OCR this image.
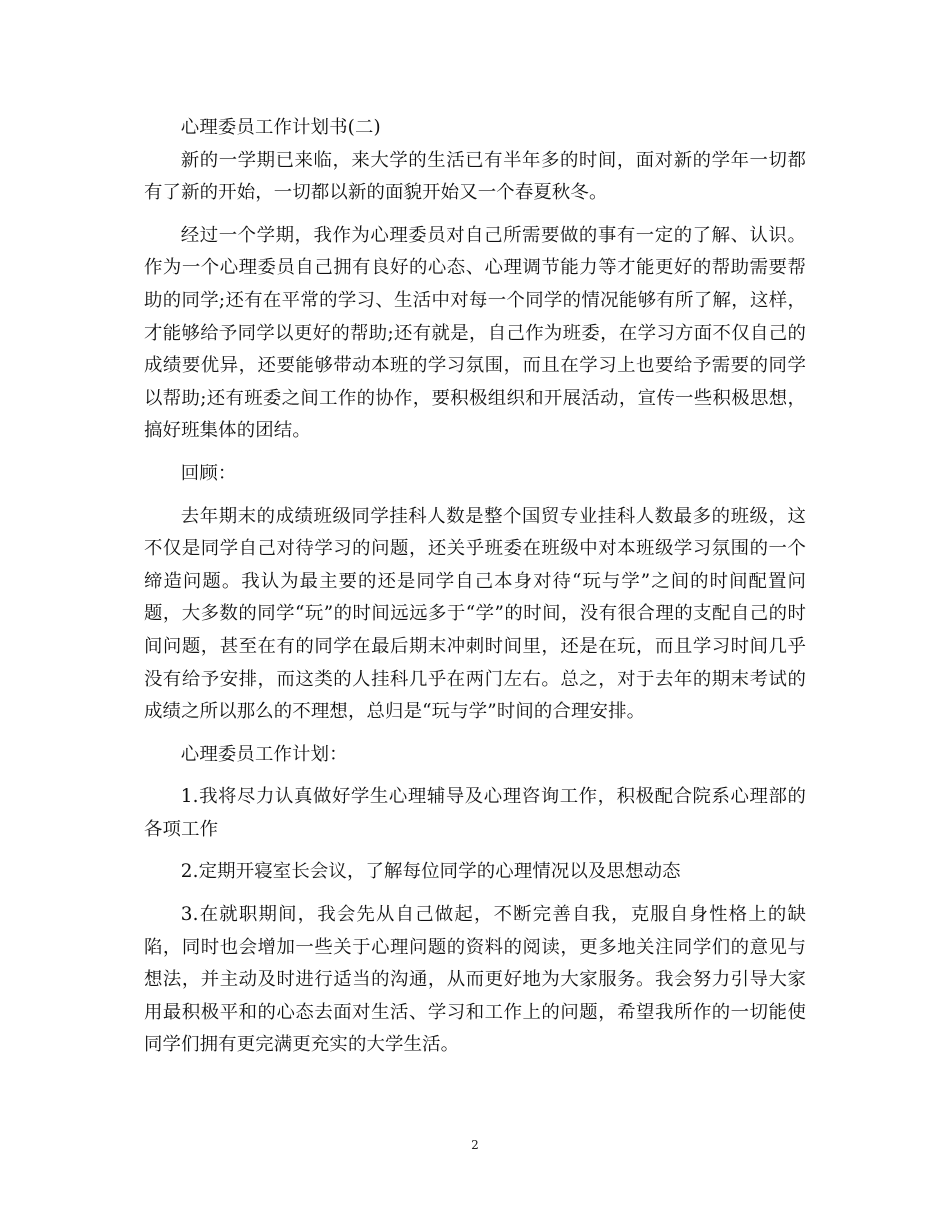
心理委员工作计划书(二)

新的一学期已来临，来大学的生活已有半年多的时间，面对新的学年一切都有了新的开始，一切都以新的面貌开始又一个春夏秋冬。

经过一个学期，我作为心理委员对自己所需要做的事有一定的了解、认识。作为一个心理委员自己拥有良好的心态、心理调节能力等才能更好的帮助需要帮助的同学;还有在平常的学习、生活中对每一个同学的情况能够有所了解，这样，才能够给予同学以更好的帮助;还有就是，自己作为班委，在学习方面不仅自己的成绩要优异，还要能够带动本班的学习氛围，而且在学习上也要给予需要的同学以帮助;还有班委之间工作的协作，要积极组织和开展活动，宣传一些积极思想，搞好班集体的团结。

回顾：

去年期末的成绩班级同学挂科人数是整个国贸专业挂科人数最多的班级，这不仅是同学自己对待学习的问题，还关乎班委在班级中对本班级学习氛围的一个缔造问题。我认为最主要的还是同学自己本身对待“玩与学”之间的时间配置问题，大多数的同学“玩”的时间远远多于“学”的时间，没有很合理的支配自己的时间问题，甚至在有的同学在最后期末冲刺时间里，还是在玩，而且学习时间几乎没有给予安排，而这类的人挂科几乎在两门左右。总之，对于去年的期末考试的成绩之所以那么的不理想，总归是“玩与学”时间的合理安排。

心理委员工作计划：

1.我将尽力认真做好学生心理辅导及心理咨询工作，积极配合院系心理部的各项工作

2.定期开寝室长会议，了解每位同学的心理情况以及思想动态

3.在就职期间，我会先从自己做起，不断完善自我，克服自身性格上的缺陷，同时也会增加一些关于心理问题的资料的阅读，更多地关注同学们的意见与想法，并主动及时进行适当的沟通，从而更好地为大家服务。我会努力引导大家用最积极平和的心态去面对生活、学习和工作上的问题，希望我所作的一切能使同学们拥有更完满更充实的大学生活。

2
